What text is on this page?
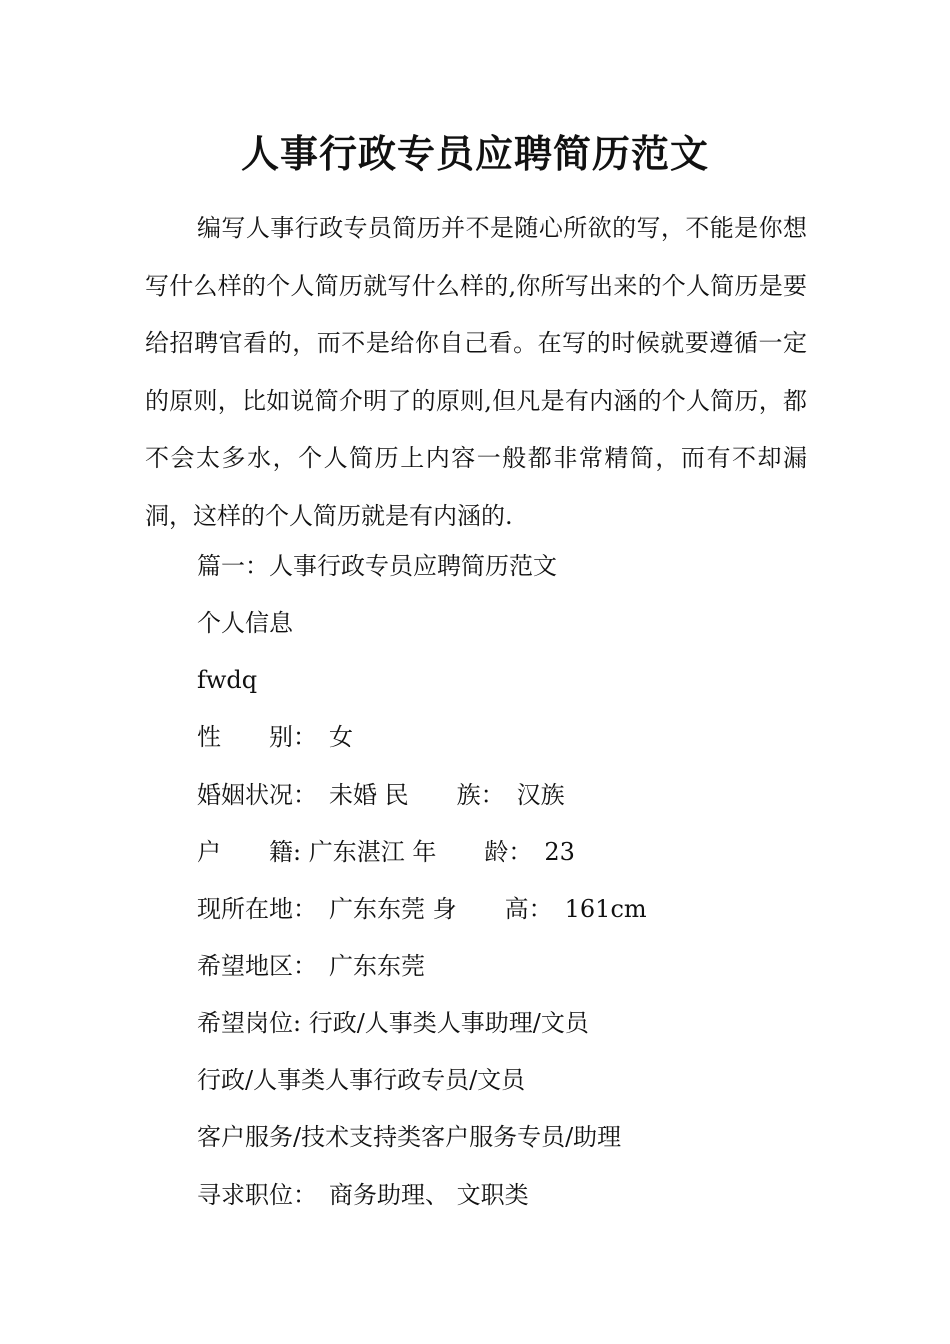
人事行政专员应聘简历范文

编写人事行政专员简历并不是随心所欲的写，不能是你想写什么样的个人简历就写什么样的,你所写出来的个人简历是要给招聘官看的，而不是给你自己看。在写的时候就要遵循一定的原则，比如说简介明了的原则,但凡是有内涵的个人简历，都不会太多水，个人简历上内容一般都非常精简，而有不却漏洞，这样的个人简历就是有内涵的.

篇一：人事行政专员应聘简历范文

个人信息

fwdq

性　　别：　女

婚姻状况：　未婚 民　　族：　汉族

户　　籍: 广东湛江 年　　龄：　23

现所在地：　广东东莞 身　　高：　161cm

希望地区：　广东东莞

希望岗位: 行政/人事类人事助理/文员

行政/人事类人事行政专员/文员

客户服务/技术支持类客户服务专员/助理

寻求职位：　商务助理、 文职类
